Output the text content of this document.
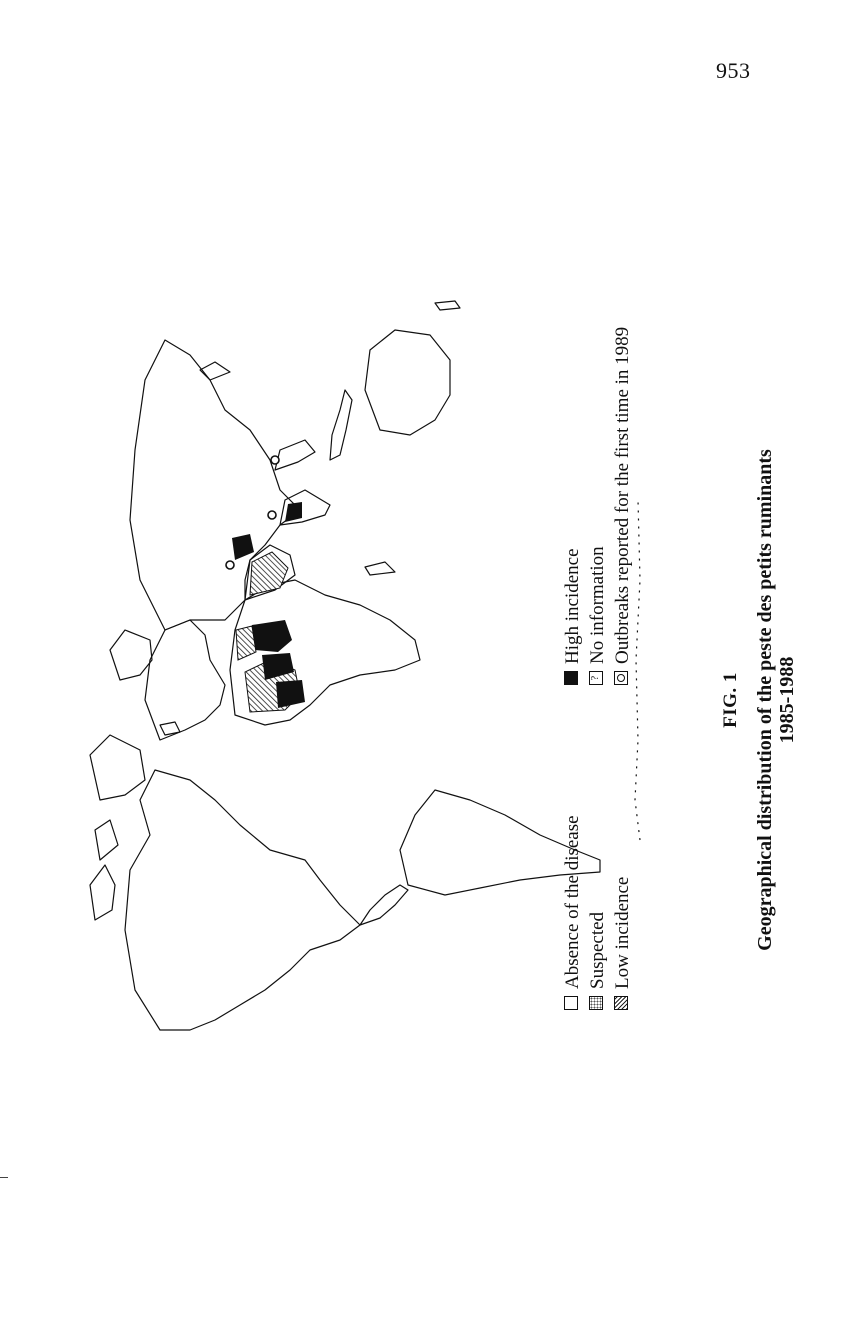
953
Absence of the disease Suspected Low incidence
High incidence
?
No information Outbreaks reported for the first time in 1989
FIG. 1 Geographical distribution of the peste des petits ruminants 1985-1988
